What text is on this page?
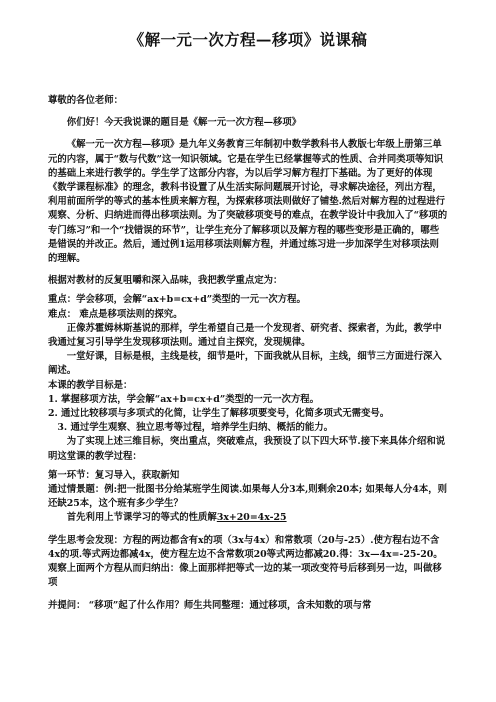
《解一元一次方程—移项》说课稿

尊敬的各位老师：

你们好！今天我说课的题目是《解一元一次方程—移项》

《解一元一次方程—移项》是九年义务教育三年制初中数学教科书人教版七年级上册第三单元的内容，属于“数与代数”这一知识领域。它是在学生已经掌握等式的性质、合并同类项等知识的基础上来进行教学的。学生学了这部分内容，为以后学习解方程打下基础。为了更好的体现《数学课程标准》的理念，教科书设置了从生活实际问题展开讨论，寻求解决途径，列出方程，利用前面所学的等式的基本性质来解方程，为探索移项法则做好了铺垫.然后对解方程的过程进行观察、分析、归纳进而得出移项法则。为了突破移项变号的难点，在教学设计中我加入了“移项的专门练习”和一个“找错误的环节”，让学生充分了解移项以及解方程的哪些变形是正确的，哪些是错误的并改正。然后，通过例1运用移项法则解方程，并通过练习进一步加深学生对移项法则的理解。

根据对教材的反复咀嚼和深入品味，我把教学重点定为：

重点：学会移项，会解“ax+b=cx+d”类型的一元一次方程。

难点： 难点是移项法则的探究。

正像苏霍姆林斯基说的那样，学生希望自己是一个发现者、研究者、探索者，为此，教学中我通过复习引导学生发现移项法则。通过自主探究，发现规律。

一堂好课，目标是根，主线是枝，细节是叶，下面我就从目标，主线，细节三方面进行深入阐述。

本课的教学目标是：

1. 掌握移项方法，学会解“ax+b=cx+d”类型的一元一次方程。

2. 通过比较移项与多项式的化简，让学生了解移项要变号，化简多项式无需变号。

3. 通过学生观察、独立思考等过程，培养学生归纳、概括的能力。

为了实现上述三维目标，突出重点，突破难点，我预设了以下四大环节.接下来具体介绍和说明这堂课的教学过程：

第一环节：复习导入，获取新知

通过情景题：例:把一批图书分给某班学生阅读.如果每人分3本,则剩余20本; 如果每人分4本，则还缺25本，这个班有多少学生？

首先利用上节课学习的等式的性质解3x+20=4x-25

学生思考会发现：方程的两边都含有x的项（3x与4x）和常数项（20与-25）.使方程右边不含4x的项.等式两边都减4x，使方程左边不含常数项20等式两边都减20.得：3x—4x=-25-20。观察上面两个方程从而归纳出：像上面那样把等式一边的某一项改变符号后移到另一边，叫做移项

并提问： “移项”起了什么作用？师生共同整理：通过移项，含未知数的项与常
